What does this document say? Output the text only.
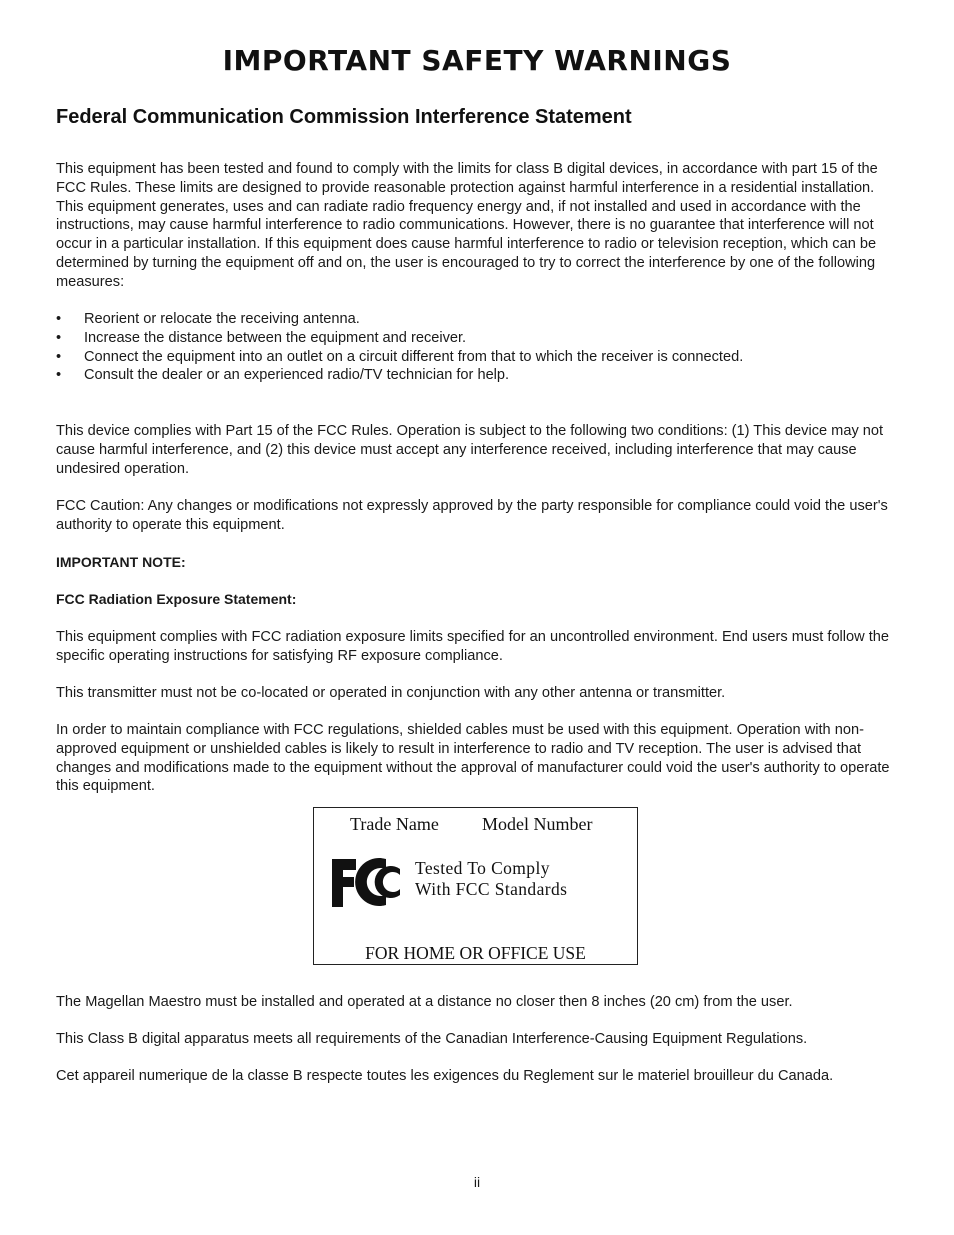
IMPORTANT SAFETY WARNINGS
Federal Communication Commission Interference Statement

This equipment has been tested and found to comply with the limits for class B digital devices, in accordance with part 15 of the FCC Rules. These limits are designed to provide reasonable protection against harmful interference in a residential installation. This equipment generates, uses and can radiate radio frequency energy and, if not installed and used in accordance with the instructions, may cause harmful interference to radio communications. However, there is no guarantee that interference will not occur in a particular installation. If this equipment does cause harmful interference to radio or television reception, which can be determined by turning the equipment off and on, the user is encouraged to try to correct the interference by one of the following measures:

• Reorient or relocate the receiving antenna.
• Increase the distance between the equipment and receiver.
• Connect the equipment into an outlet on a circuit different from that to which the receiver is connected.
• Consult the dealer or an experienced radio/TV technician for help.

This device complies with Part 15 of the FCC Rules. Operation is subject to the following two conditions: (1) This device may not cause harmful interference, and (2) this device must accept any interference received, including interference that may cause undesired operation.

FCC Caution: Any changes or modifications not expressly approved by the party responsible for compliance could void the user's authority to operate this equipment.

IMPORTANT NOTE:

FCC Radiation Exposure Statement:

This equipment complies with FCC radiation exposure limits specified for an uncontrolled environment. End users must follow the specific operating instructions for satisfying RF exposure compliance.

This transmitter must not be co-located or operated in conjunction with any other antenna or transmitter.

In order to maintain compliance with FCC regulations, shielded cables must be used with this equipment. Operation with non-approved equipment or unshielded cables is likely to result in interference to radio and TV reception. The user is advised that changes and modifications made to the equipment without the approval of manufacturer could void the user's authority to operate this equipment.

Trade Name Model Number
Tested To Comply
With FCC Standards
FOR HOME OR OFFICE USE

The Magellan Maestro must be installed and operated at a distance no closer then 8 inches (20 cm) from the user.

This Class B digital apparatus meets all requirements of the Canadian Interference-Causing Equipment Regulations.

Cet appareil numerique de la classe B respecte toutes les exigences du Reglement sur le materiel brouilleur du Canada.

ii
